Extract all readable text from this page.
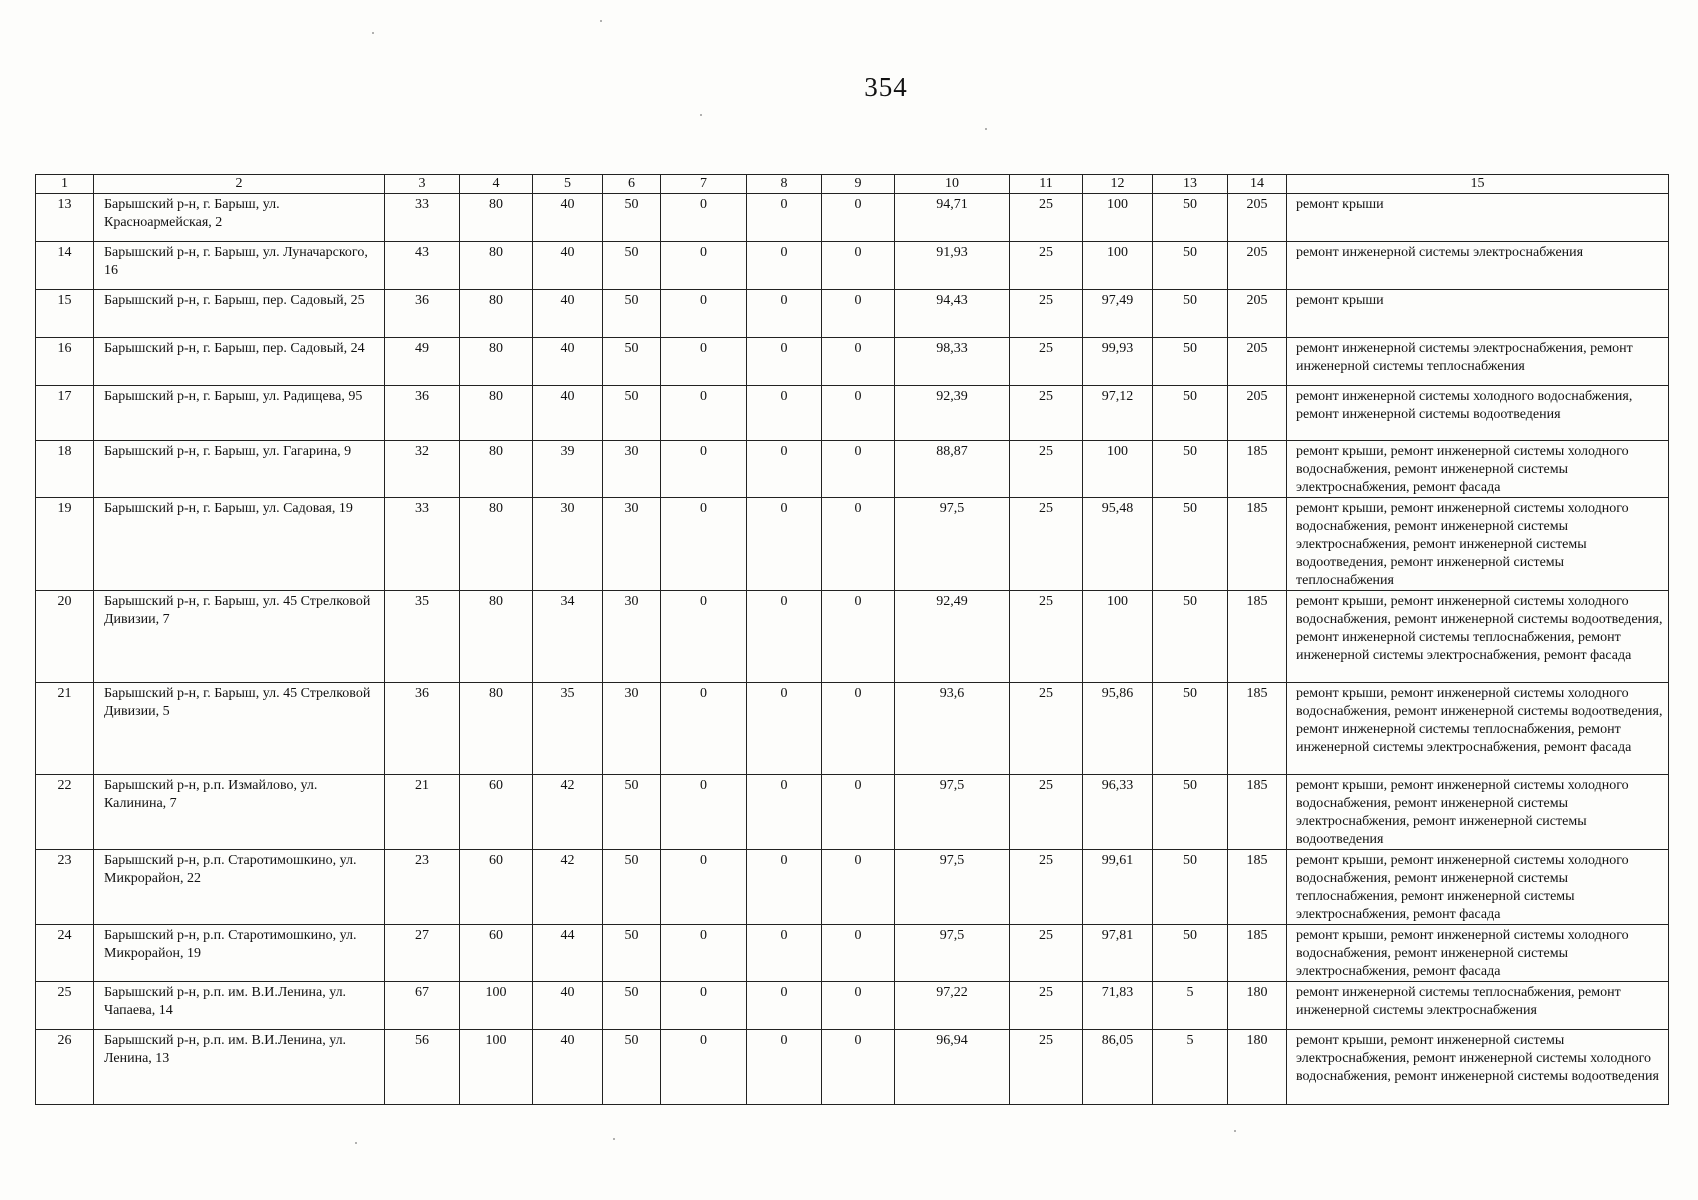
354
1	2	3	4	5	6	7	8	9	10	11	12	13	14	15
13	Барышский р-н, г. Барыш, ул. Красноармейская, 2	33	80	40	50	0	0	0	94,71	25	100	50	205	ремонт крыши
14	Барышский р-н, г. Барыш, ул. Луначарского, 16	43	80	40	50	0	0	0	91,93	25	100	50	205	ремонт инженерной системы электроснабжения
15	Барышский р-н, г. Барыш, пер. Садовый, 25	36	80	40	50	0	0	0	94,43	25	97,49	50	205	ремонт крыши
16	Барышский р-н, г. Барыш, пер. Садовый, 24	49	80	40	50	0	0	0	98,33	25	99,93	50	205	ремонт инженерной системы электроснабжения, ремонт инженерной системы теплоснабжения
17	Барышский р-н, г. Барыш, ул. Радищева, 95	36	80	40	50	0	0	0	92,39	25	97,12	50	205	ремонт инженерной системы холодного водоснабжения, ремонт инженерной системы водоотведения
18	Барышский р-н, г. Барыш, ул. Гагарина, 9	32	80	39	30	0	0	0	88,87	25	100	50	185	ремонт крыши, ремонт инженерной системы холодного водоснабжения, ремонт инженерной системы электроснабжения, ремонт фасада
19	Барышский р-н, г. Барыш, ул. Садовая, 19	33	80	30	30	0	0	0	97,5	25	95,48	50	185	ремонт крыши, ремонт инженерной системы холодного водоснабжения, ремонт инженерной системы электроснабжения, ремонт инженерной системы водоотведения, ремонт инженерной системы теплоснабжения
20	Барышский р-н, г. Барыш, ул. 45 Стрелковой Дивизии, 7	35	80	34	30	0	0	0	92,49	25	100	50	185	ремонт крыши, ремонт инженерной системы холодного водоснабжения, ремонт инженерной системы водоотведения, ремонт инженерной системы теплоснабжения, ремонт инженерной системы электроснабжения, ремонт фасада
21	Барышский р-н, г. Барыш, ул. 45 Стрелковой Дивизии, 5	36	80	35	30	0	0	0	93,6	25	95,86	50	185	ремонт крыши, ремонт инженерной системы холодного водоснабжения, ремонт инженерной системы водоотведения, ремонт инженерной системы теплоснабжения, ремонт инженерной системы электроснабжения, ремонт фасада
22	Барышский р-н, р.п. Измайлово, ул. Калинина, 7	21	60	42	50	0	0	0	97,5	25	96,33	50	185	ремонт крыши, ремонт инженерной системы холодного водоснабжения, ремонт инженерной системы электроснабжения, ремонт инженерной системы водоотведения
23	Барышский р-н, р.п. Старотимошкино, ул. Микрорайон, 22	23	60	42	50	0	0	0	97,5	25	99,61	50	185	ремонт крыши, ремонт инженерной системы холодного водоснабжения, ремонт инженерной системы теплоснабжения, ремонт инженерной системы электроснабжения, ремонт фасада
24	Барышский р-н, р.п. Старотимошкино, ул. Микрорайон, 19	27	60	44	50	0	0	0	97,5	25	97,81	50	185	ремонт крыши, ремонт инженерной системы холодного водоснабжения, ремонт инженерной системы электроснабжения, ремонт фасада
25	Барышский р-н, р.п. им. В.И.Ленина, ул. Чапаева, 14	67	100	40	50	0	0	0	97,22	25	71,83	5	180	ремонт инженерной системы теплоснабжения, ремонт инженерной системы электроснабжения
26	Барышский р-н, р.п. им. В.И.Ленина, ул. Ленина, 13	56	100	40	50	0	0	0	96,94	25	86,05	5	180	ремонт крыши, ремонт инженерной системы электроснабжения, ремонт инженерной системы холодного водоснабжения, ремонт инженерной системы водоотведения
